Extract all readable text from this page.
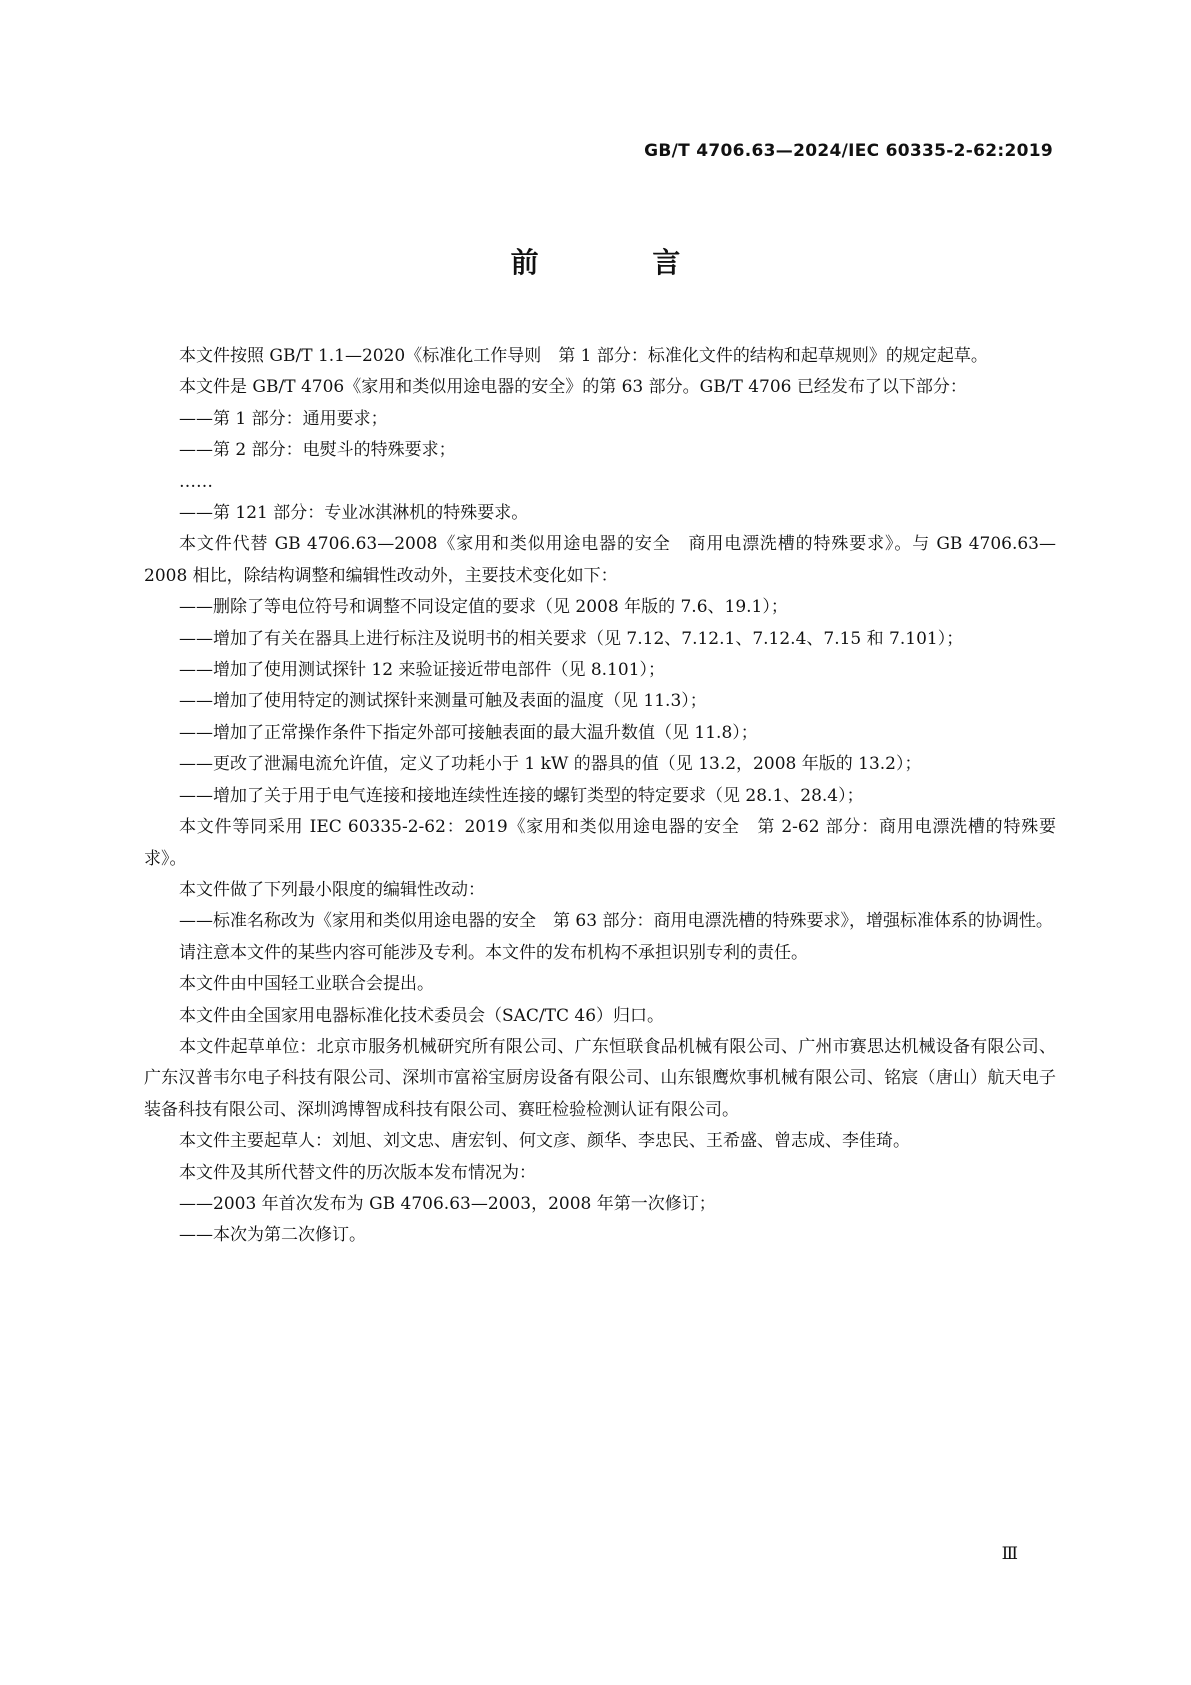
GB/T 4706.63—2024/IEC 60335-2-62:2019
前 言

本文件按照 GB/T 1.1—2020《标准化工作导则　第 1 部分：标准化文件的结构和起草规则》的规定起草。

本文件是 GB/T 4706《家用和类似用途电器的安全》的第 63 部分。GB/T 4706 已经发布了以下部分：

——第 1 部分：通用要求；

——第 2 部分：电熨斗的特殊要求；

……

——第 121 部分：专业冰淇淋机的特殊要求。

本文件代替 GB 4706.63—2008《家用和类似用途电器的安全　商用电漂洗槽的特殊要求》。与 GB 4706.63—2008 相比，除结构调整和编辑性改动外，主要技术变化如下：

——删除了等电位符号和调整不同设定值的要求（见 2008 年版的 7.6、19.1）；

——增加了有关在器具上进行标注及说明书的相关要求（见 7.12、7.12.1、7.12.4、7.15 和 7.101）；

——增加了使用测试探针 12 来验证接近带电部件（见 8.101）；

——增加了使用特定的测试探针来测量可触及表面的温度（见 11.3）；

——增加了正常操作条件下指定外部可接触表面的最大温升数值（见 11.8）；

——更改了泄漏电流允许值，定义了功耗小于 1 kW 的器具的值（见 13.2，2008 年版的 13.2）；

——增加了关于用于电气连接和接地连续性连接的螺钉类型的特定要求（见 28.1、28.4）；

本文件等同采用 IEC 60335-2-62：2019《家用和类似用途电器的安全　第 2-62 部分：商用电漂洗槽的特殊要求》。

本文件做了下列最小限度的编辑性改动：

——标准名称改为《家用和类似用途电器的安全　第 63 部分：商用电漂洗槽的特殊要求》，增强标准体系的协调性。

请注意本文件的某些内容可能涉及专利。本文件的发布机构不承担识别专利的责任。

本文件由中国轻工业联合会提出。

本文件由全国家用电器标准化技术委员会（SAC/TC 46）归口。

本文件起草单位：北京市服务机械研究所有限公司、广东恒联食品机械有限公司、广州市赛思达机械设备有限公司、广东汉普韦尔电子科技有限公司、深圳市富裕宝厨房设备有限公司、山东银鹰炊事机械有限公司、铭宸（唐山）航天电子装备科技有限公司、深圳鸿博智成科技有限公司、赛旺检验检测认证有限公司。

本文件主要起草人：刘旭、刘文忠、唐宏钊、何文彦、颜华、李忠民、王希盛、曾志成、李佳琦。

本文件及其所代替文件的历次版本发布情况为：

——2003 年首次发布为 GB 4706.63—2003，2008 年第一次修订；

——本次为第二次修订。

Ⅲ
